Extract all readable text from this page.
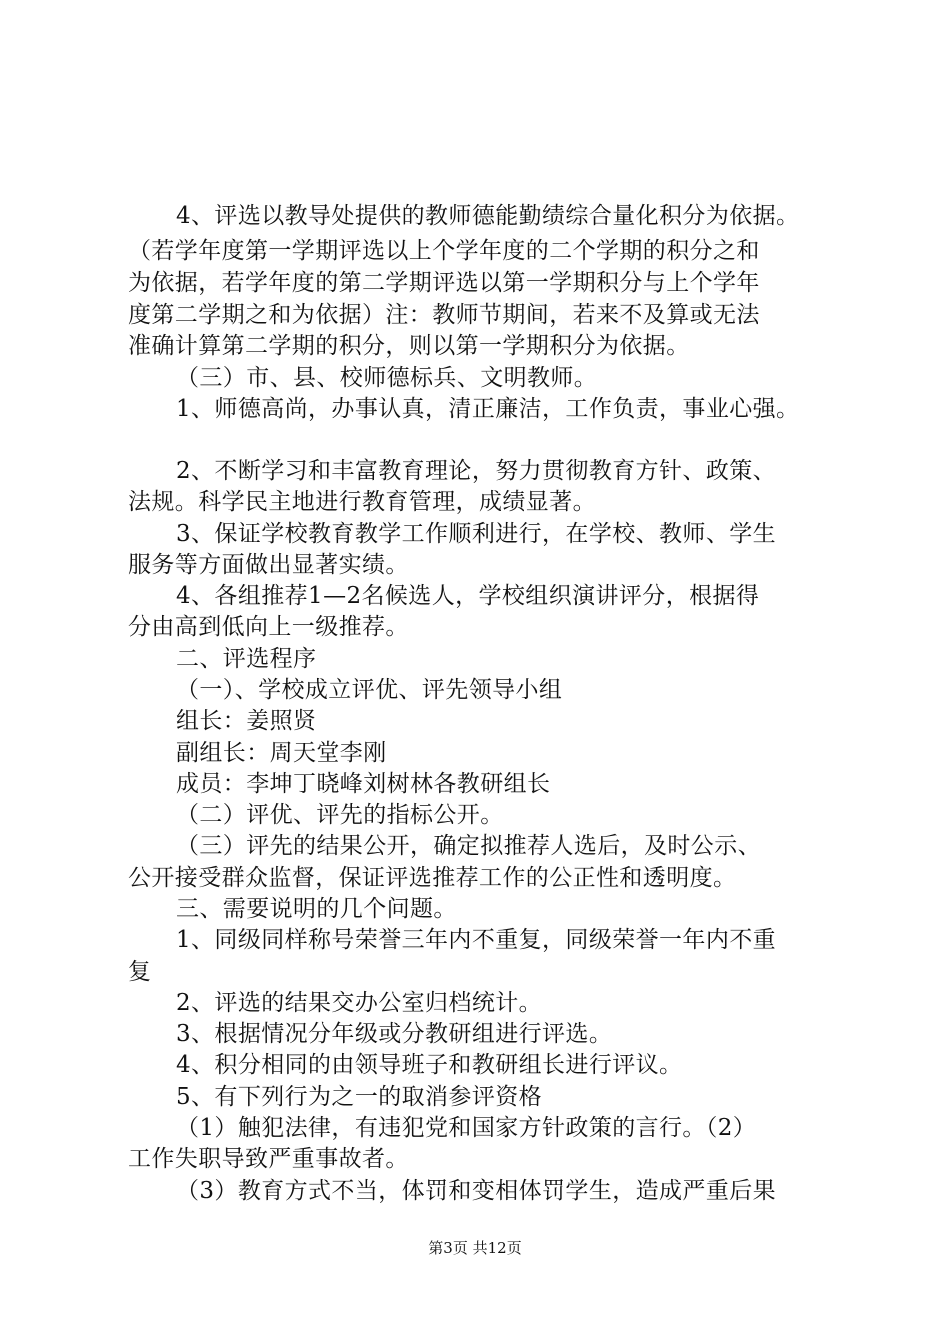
4、评选以教导处提供的教师德能勤绩综合量化积分为依据。

（若学年度第一学期评选以上个学年度的二个学期的积分之和

为依据，若学年度的第二学期评选以第一学期积分与上个学年

度第二学期之和为依据）注：教师节期间，若来不及算或无法

准确计算第二学期的积分，则以第一学期积分为依据。

（三）市、县、校师德标兵、文明教师。

1、师德高尚，办事认真，清正廉洁，工作负责，事业心强。

2、不断学习和丰富教育理论，努力贯彻教育方针、政策、

法规。科学民主地进行教育管理，成绩显著。

3、保证学校教育教学工作顺利进行，在学校、教师、学生

服务等方面做出显著实绩。

4、各组推荐1—2名候选人，学校组织演讲评分，根据得

分由高到低向上一级推荐。

二、评选程序

（一）、学校成立评优、评先领导小组

组长：姜照贤

副组长：周天堂李刚

成员：李坤丁晓峰刘树林各教研组长

（二）评优、评先的指标公开。

（三）评先的结果公开，确定拟推荐人选后，及时公示、

公开接受群众监督，保证评选推荐工作的公正性和透明度。

三、需要说明的几个问题。

1、同级同样称号荣誉三年内不重复，同级荣誉一年内不重

复

2、评选的结果交办公室归档统计。

3、根据情况分年级或分教研组进行评选。

4、积分相同的由领导班子和教研组长进行评议。

5、有下列行为之一的取消参评资格

（1）触犯法律，有违犯党和国家方针政策的言行。（2）

工作失职导致严重事故者。

（3）教育方式不当，体罚和变相体罚学生，造成严重后果

第3页 共12页
